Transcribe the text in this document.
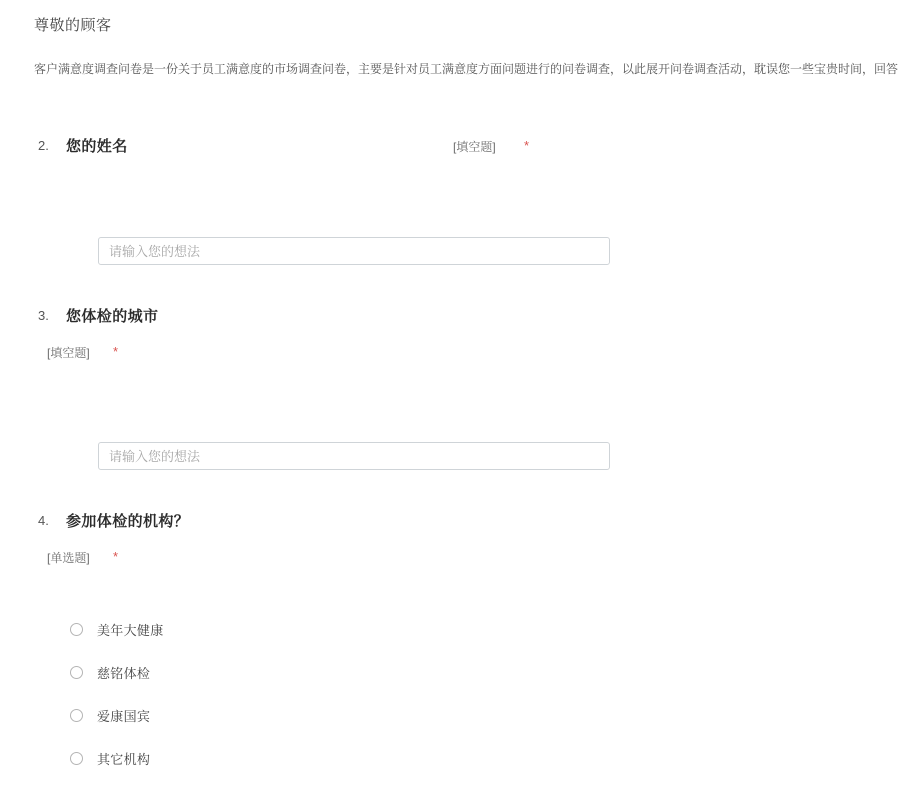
尊敬的顾客
客户满意度调查问卷是一份关于员工满意度的市场调查问卷，主要是针对员工满意度方面问题进行的问卷调查，以此展开问卷调查活动，耽误您一些宝贵时间，回答
2. 您的姓名	[填空题] *
请输入您的想法
3. 您体检的城市
[填空题] *
请输入您的想法
4. 参加体检的机构？
[单选题] *
美年大健康
慈铭体检
爱康国宾
其它机构
